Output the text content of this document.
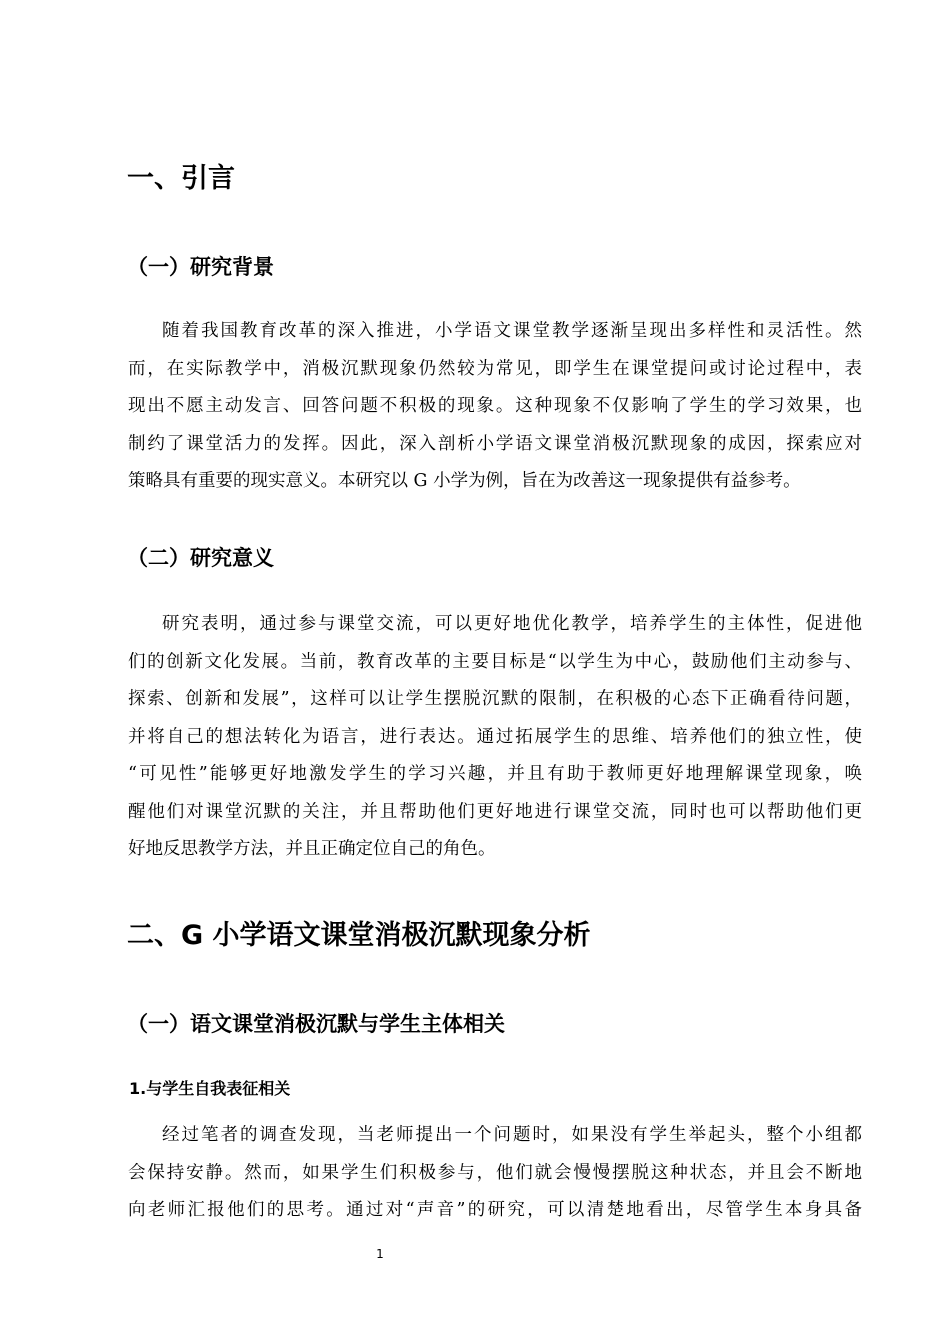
一、引言
（一）研究背景
随着我国教育改革的深入推进，小学语文课堂教学逐渐呈现出多样性和灵活性。然
而，在实际教学中，消极沉默现象仍然较为常见，即学生在课堂提问或讨论过程中，表
现出不愿主动发言、回答问题不积极的现象。这种现象不仅影响了学生的学习效果，也
制约了课堂活力的发挥。因此，深入剖析小学语文课堂消极沉默现象的成因，探索应对
策略具有重要的现实意义。本研究以 G 小学为例，旨在为改善这一现象提供有益参考。
（二）研究意义
研究表明，通过参与课堂交流，可以更好地优化教学，培养学生的主体性，促进他
们的创新文化发展。当前，教育改革的主要目标是“以学生为中心，鼓励他们主动参与、
探索、创新和发展”，这样可以让学生摆脱沉默的限制，在积极的心态下正确看待问题，
并将自己的想法转化为语言，进行表达。通过拓展学生的思维、培养他们的独立性，使
“可见性”能够更好地激发学生的学习兴趣，并且有助于教师更好地理解课堂现象，唤
醒他们对课堂沉默的关注，并且帮助他们更好地进行课堂交流，同时也可以帮助他们更
好地反思教学方法，并且正确定位自己的角色。
二、G 小学语文课堂消极沉默现象分析
（一）语文课堂消极沉默与学生主体相关
1.与学生自我表征相关
经过笔者的调查发现，当老师提出一个问题时，如果没有学生举起头，整个小组都
会保持安静。然而，如果学生们积极参与，他们就会慢慢摆脱这种状态，并且会不断地
向老师汇报他们的思考。通过对“声音”的研究，可以清楚地看出，尽管学生本身具备
1
